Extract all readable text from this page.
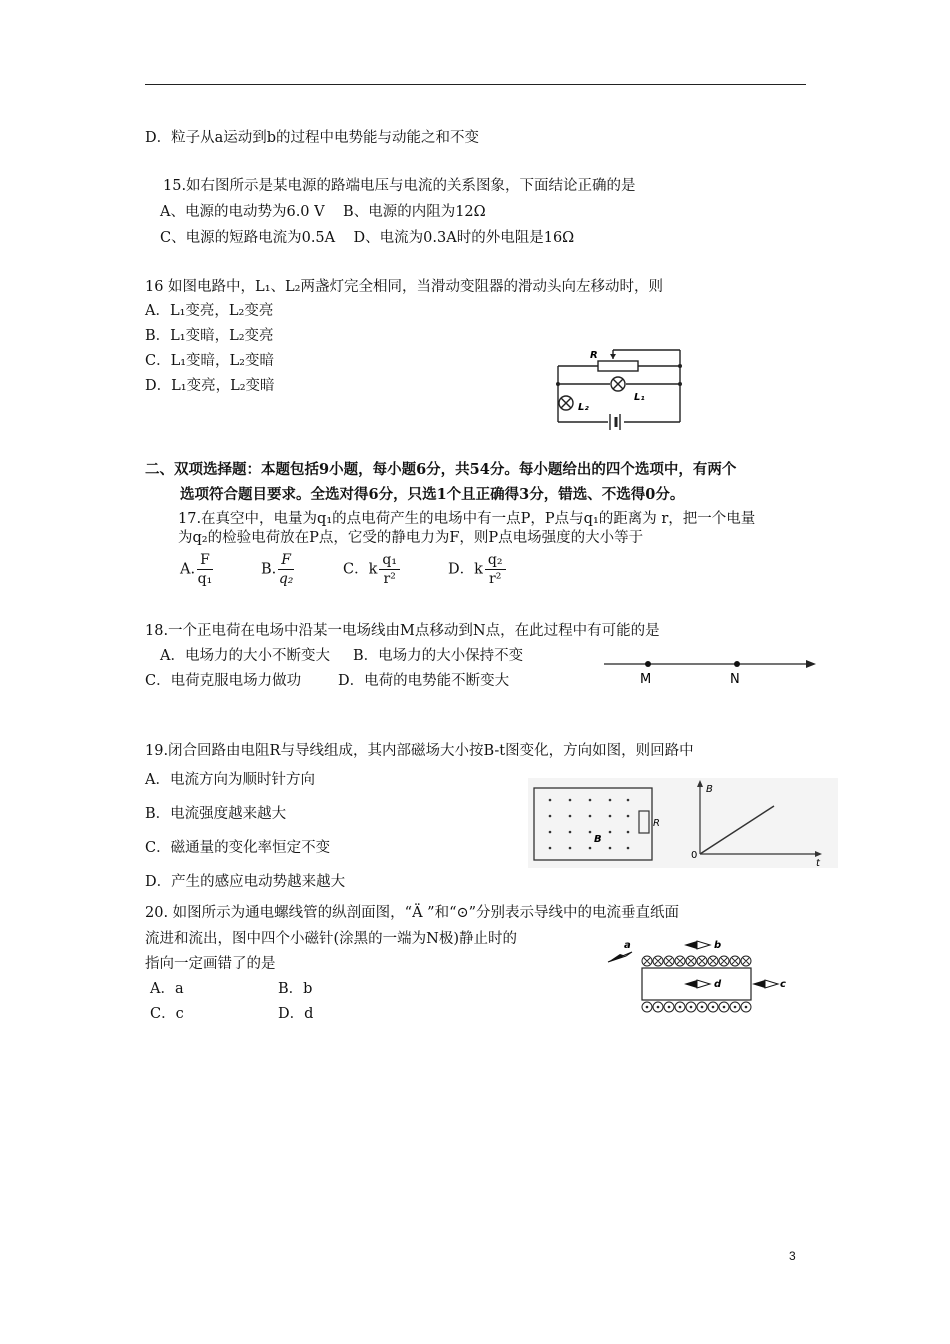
D．粒子从a运动到b的过程中电势能与动能之和不变
15.如右图所示是某电源的路端电压与电流的关系图象，下面结论正确的是
A、电源的电动势为6.0 V    B、电源的内阻为12Ω
C、电源的短路电流为0.5A    D、电流为0.3A时的外电阻是16Ω
16 如图电路中，L₁、L₂两盏灯完全相同，当滑动变阻器的滑动头向左移动时，则
A．L₁变亮，L₂变亮
B．L₁变暗，L₂变亮
C．L₁变暗，L₂变暗
D．L₁变亮，L₂变暗
R
L₁
L₂
二、双项选择题：本题包括9小题，每小题6分，共54分。每小题给出的四个选项中，有两个
选项符合题目要求。全选对得6分，只选1个且正确得3分，错选、不选得0分。
17.在真空中，电量为q₁的点电荷产生的电场中有一点P，P点与q₁的距离为 r，把一个电量
为q₂的检验电荷放在P点，它受的静电力为F，则P点电场强度的大小等于
A. $\frac{F}{\text{q₁}}$	B. $\frac{F}{\text{q₂}}$	C．k $\frac{\text{q₁}}{\text{r²}}$	D．k $\frac{\text{q₂}}{\text{r²}}$
18.一个正电荷在电场中沿某一电场线由M点移动到N点，在此过程中有可能的是
A．电场力的大小不断变大     B．电场力的大小保持不变
C．电荷克服电场力做功        D．电荷的电势能不断变大	M	N
19.闭合回路由电阻R与导线组成，其内部磁场大小按B-t图变化，方向如图，则回路中
A．电流方向为顺时针方向
B．电流强度越来越大
C．磁通量的变化率恒定不变
D．产生的感应电动势越来越大
R
B
B
t
0
20. 如图所示为通电螺线管的纵剖面图，“Ä ”和“⊙”分别表示导线中的电流垂直纸面
流进和流出，图中四个小磁针(涂黑的一端为N极)静止时的
指向一定画错了的是
A．a	B．b
C．c	D．d
a	b
d	c
3
